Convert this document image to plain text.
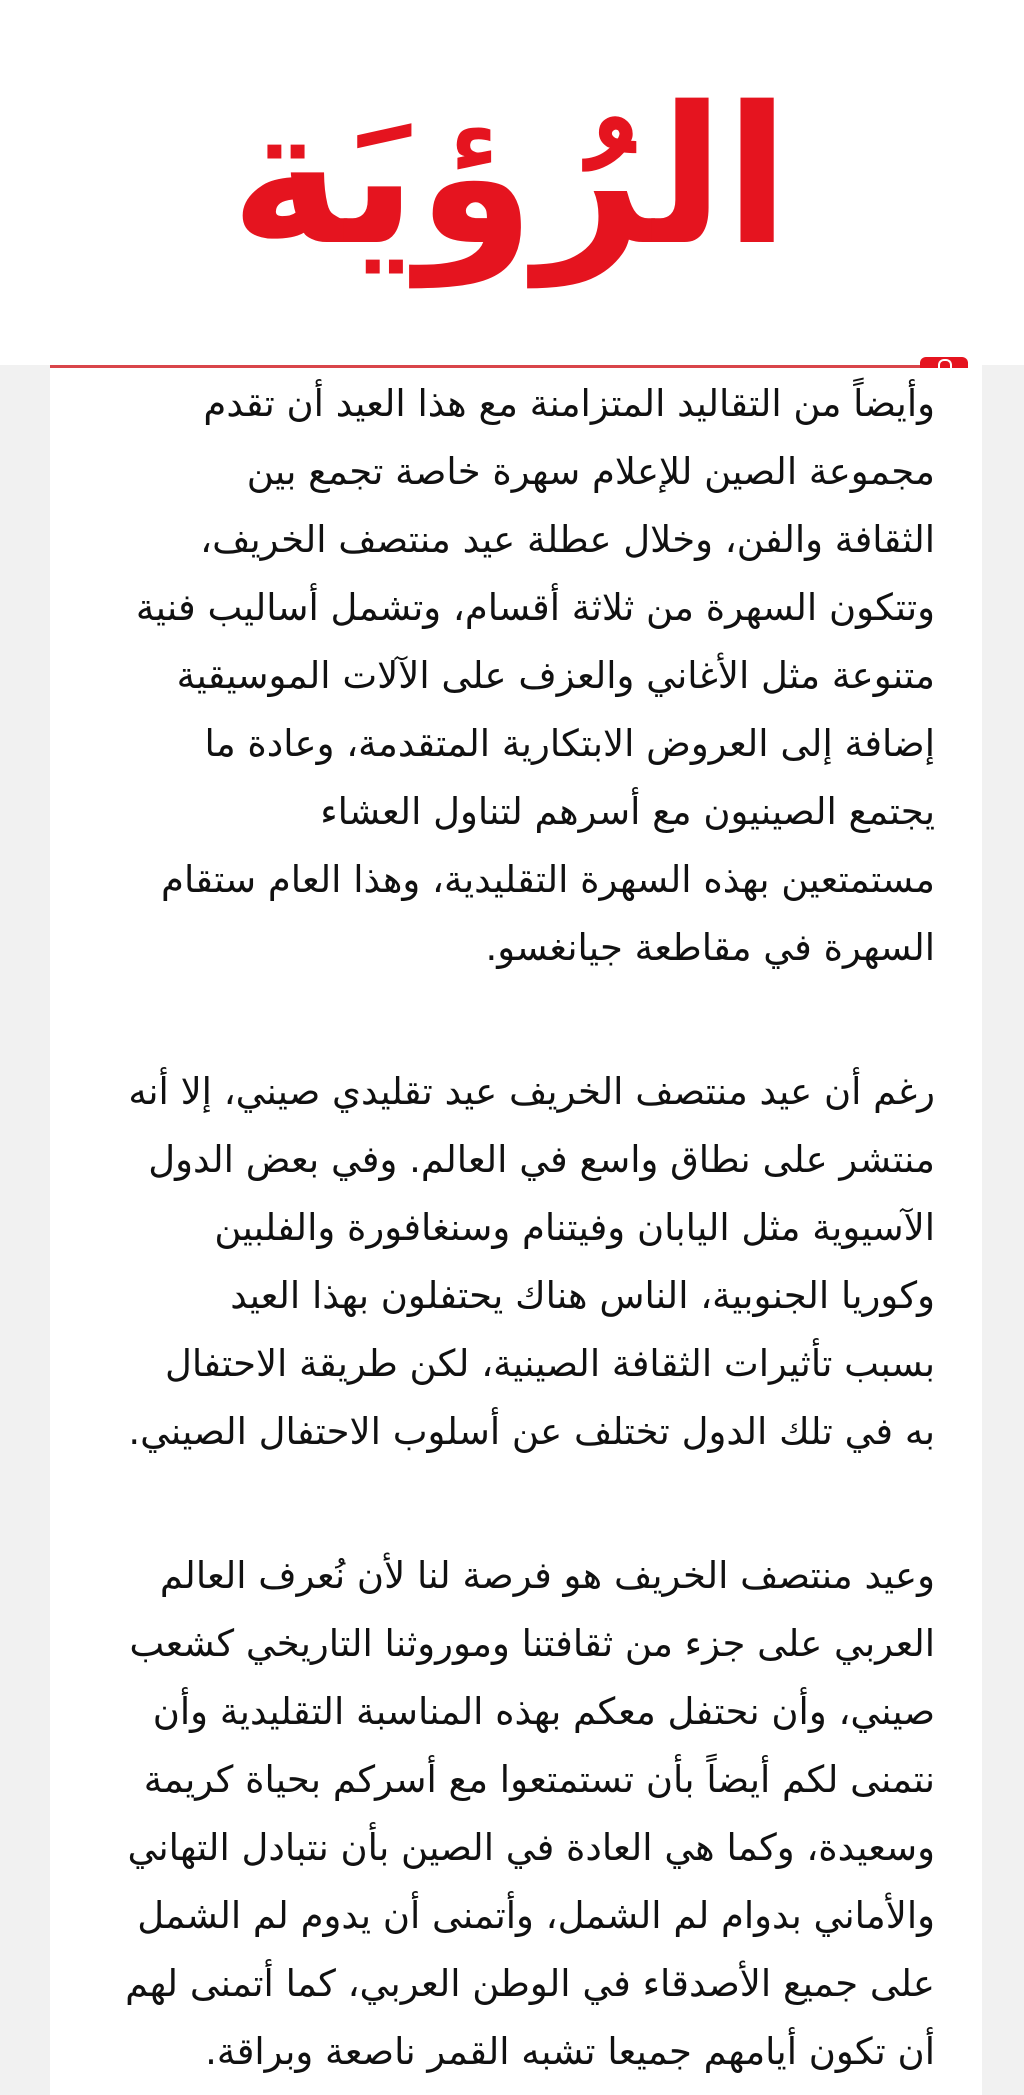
الرُؤيَة

وأيضاً من التقاليد المتزامنة مع هذا العيد أن تقدم
مجموعة الصين للإعلام سهرة خاصة تجمع بين
الثقافة والفن، وخلال عطلة عيد منتصف الخريف،
وتتكون السهرة من ثلاثة أقسام، وتشمل أساليب فنية
متنوعة مثل الأغاني والعزف على الآلات الموسيقية
إضافة إلى العروض الابتكارية المتقدمة، وعادة ما
يجتمع الصينيون مع أسرهم لتناول العشاء
مستمتعين بهذه السهرة التقليدية، وهذا العام ستقام
السهرة في مقاطعة جيانغسو.

رغم أن عيد منتصف الخريف عيد تقليدي صيني، إلا أنه
منتشر على نطاق واسع في العالم. وفي بعض الدول
الآسيوية مثل اليابان وفيتنام وسنغافورة والفلبين
وكوريا الجنوبية، الناس هناك يحتفلون بهذا العيد
بسبب تأثيرات الثقافة الصينية، لكن طريقة الاحتفال
به في تلك الدول تختلف عن أسلوب الاحتفال الصيني.

وعيد منتصف الخريف هو فرصة لنا لأن نُعرف العالم
العربي على جزء من ثقافتنا وموروثنا التاريخي كشعب
صيني، وأن نحتفل معكم بهذه المناسبة التقليدية وأن
نتمنى لكم أيضاً بأن تستمتعوا مع أسركم بحياة كريمة
وسعيدة، وكما هي العادة في الصين بأن نتبادل التهاني
والأماني بدوام لم الشمل، وأتمنى أن يدوم لم الشمل
على جميع الأصدقاء في الوطن العربي، كما أتمنى لهم
أن تكون أيامهم جميعا تشبه القمر ناصعة وبراقة.
